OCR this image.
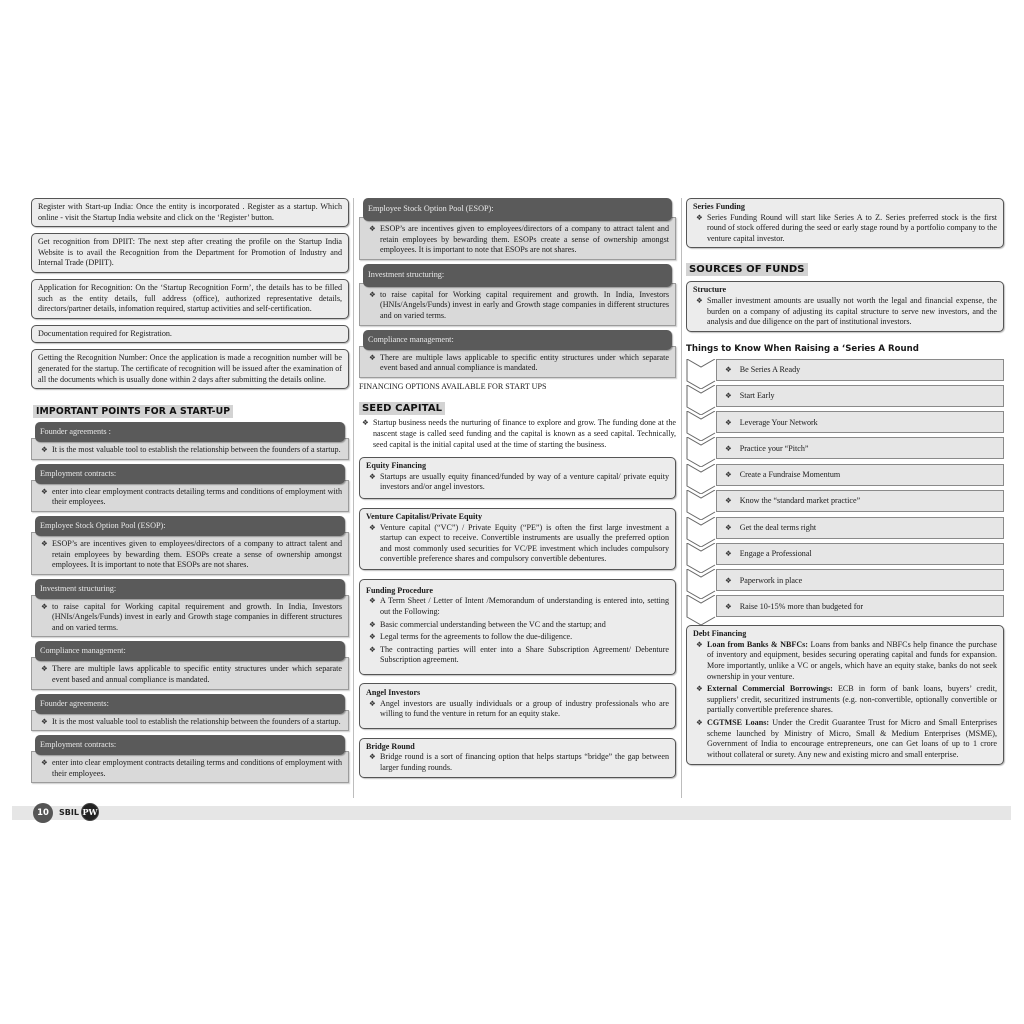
Register with Start-up India: Once the entity is incorporated . Register as a startup. Which online - visit the Startup India website and click on the ‘Register’ button.
Get recognition from DPIIT: The next step after creating the profile on the Startup India Website is to avail the Recognition from the Department for Promotion of Industry and Internal Trade (DPIIT).
Application for Recognition: On the ‘Startup Recognition Form’, the details has to be filled such as the entity details, full address (office), authorized representative details, directors/partner details, infomation required, startup activities and self-certification.
Documentation required for Registration.
Getting the Recognition Number: Once the application is made a recognition number will be generated for the startup. The certificate of recognition will be issued after the examination of all the documents which is usually done within 2 days after submitting the details online.
IMPORTANT POINTS FOR A START-UP
Founder agreements :
❖ It is the most valuable tool to establish the relationship between the founders of a startup.
Employment contracts:
❖ enter into clear employment contracts detailing terms and conditions of employment with their employees.
Employee Stock Option Pool (ESOP):
❖ ESOP’s are incentives given to employees/directors of a company to attract talent and retain employees by bewarding them. ESOPs create a sense of ownership amongst employees. It is important to note that ESOPs are not shares.
Investment structuring:
❖ to raise capital for Working capital requirement and growth. In India, Investors (HNIs/Angels/Funds) invest in early and Growth stage companies in different structures and on varied terms.
Compliance management:
❖ There are multiple laws applicable to specific entity structures under which separate event based and annual compliance is mandated.
Founder agreements:
❖ It is the most valuable tool to establish the relationship between the founders of a startup.
Employment contracts:
❖ enter into clear employment contracts detailing terms and conditions of employment with their employees.
Employee Stock Option Pool (ESOP):
❖ ESOP’s are incentives given to employees/directors of a company to attract talent and retain employees by bewarding them. ESOPs create a sense of ownership amongst employees. It is important to note that ESOPs are not shares.
Investment structuring:
❖ to raise capital for Working capital requirement and growth. In India, Investors (HNIs/Angels/Funds) invest in early and Growth stage companies in different structures and on varied terms.
Compliance management:
❖ There are multiple laws applicable to specific entity structures under which separate event based and annual compliance is mandated.
FINANCING OPTIONS AVAILABLE FOR START UPS
SEED CAPITAL
❖ Startup business needs the nurturing of finance to explore and grow. The funding done at the nascent stage is called seed funding and the capital is known as a seed capital. Technically, seed capital is the initial capital used at the time of starting the business.
Equity Financing
❖ Startups are usually equity financed/funded by way of a venture capital/ private equity investors and/or angel investors.
Venture Capitalist/Private Equity
❖ Venture capital (“VC”) / Private Equity (“PE”) is often the first large investment a startup can expect to receive. Convertible instruments are usually the preferred option and most commonly used securities for VC/PE investment which includes compulsory convertible preference shares and compulsory convertible debentures.
Funding Procedure
❖ A Term Sheet / Letter of Intent /Memorandum of understanding is entered into, setting out the Following:
❖ Basic commercial understanding between the VC and the startup; and
❖ Legal terms for the agreements to follow the due-diligence.
❖ The contracting parties will enter into a Share Subscription Agreement/ Debenture Subscription agreement.
Angel Investors
❖ Angel investors are usually individuals or a group of industry professionals who are willing to fund the venture in return for an equity stake.
Bridge Round
❖ Bridge round is a sort of financing option that helps startups “bridge” the gap between larger funding rounds.
Series Funding
❖ Series Funding Round will start like Series A to Z. Series preferred stock is the first round of stock offered during the seed or early stage round by a portfolio company to the venture capital investor.
SOURCES OF FUNDS
Structure
❖ Smaller investment amounts are usually not worth the legal and financial expense, the burden on a company of adjusting its capital structure to serve new investors, and the analysis and due diligence on the part of institutional investors.
Things to Know When Raising a ‘Series A Round
❖ Be Series A Ready
❖ Start Early
❖ Leverage Your Network
❖ Practice your “Pitch”
❖ Create a Fundraise Momentum
❖ Know the “standard market practice”
❖ Get the deal terms right
❖ Engage a Professional
❖ Paperwork in place
❖ Raise 10-15% more than budgeted for
Debt Financing
❖ Loan from Banks & NBFCs: Loans from banks and NBFCs help finance the purchase of inventory and equipment, besides securing operating capital and funds for expansion. More importantly, unlike a VC or angels, which have an equity stake, banks do not seek ownership in your venture.
❖ External Commercial Borrowings: ECB in form of bank loans, buyers’ credit, suppliers’ credit, securitized instruments (e.g. non-convertible, optionally convertible or partially convertible preference shares.
❖ CGTMSE Loans: Under the Credit Guarantee Trust for Micro and Small Enterprises scheme launched by Ministry of Micro, Small & Medium Enterprises (MSME), Government of India to encourage entrepreneurs, one can Get loans of up to 1 crore without collateral or surety. Any new and existing micro and small enterprise.
10	SBIL PW
